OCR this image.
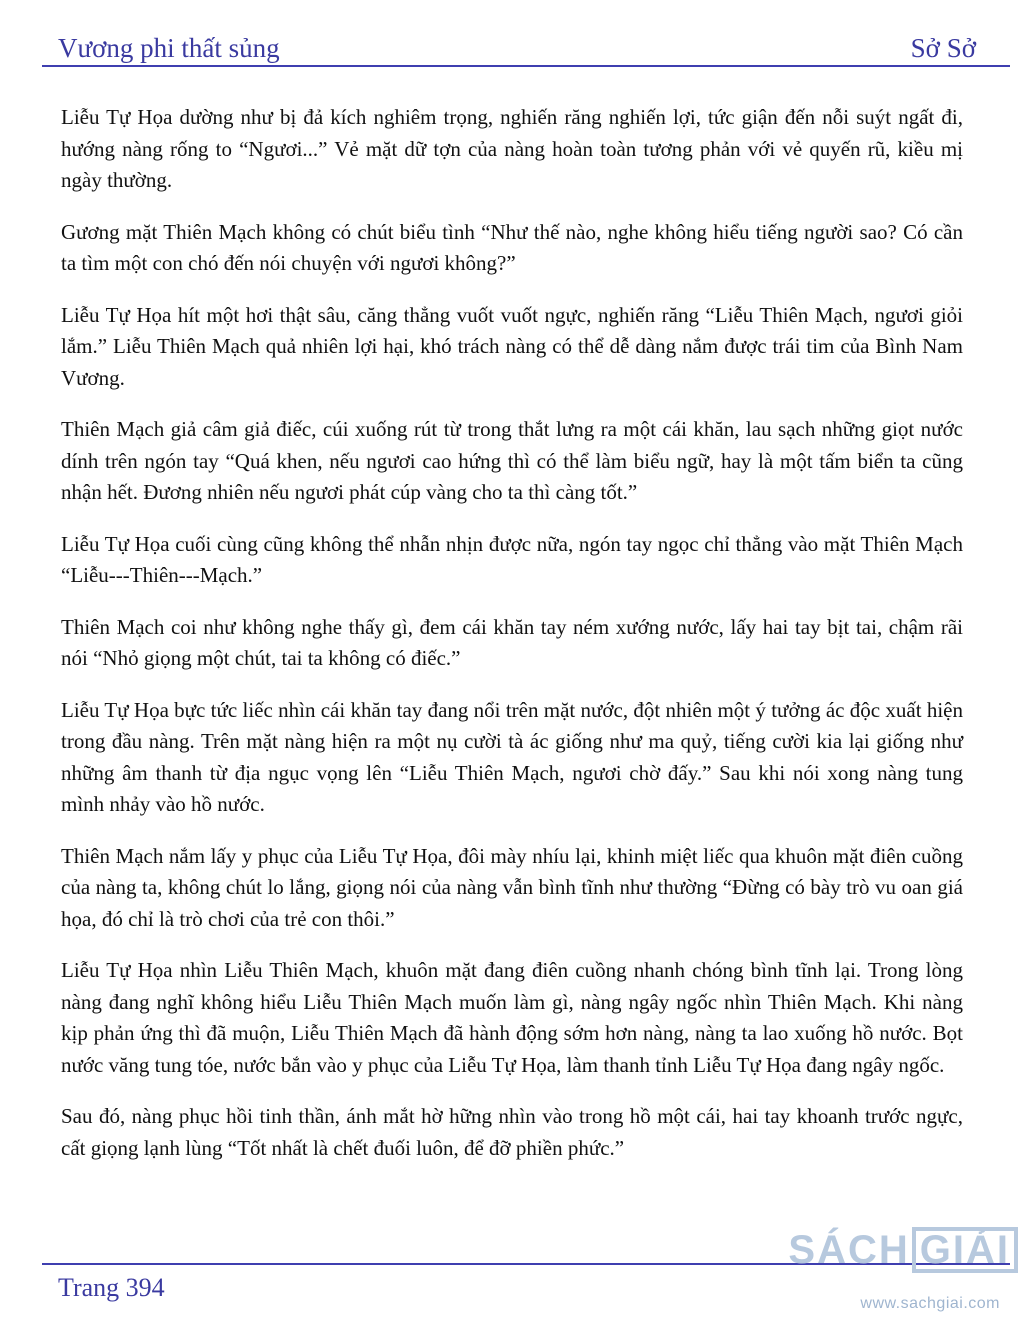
Vương phi thất sủng	Sở Sở

Liễu Tự Họa dường như bị đả kích nghiêm trọng, nghiến răng nghiến lợi, tức giận đến nỗi suýt ngất đi, hướng nàng rống to “Ngươi...” Vẻ mặt dữ tợn của nàng hoàn toàn tương phản với vẻ quyến rũ, kiều mị ngày thường.

Gương mặt Thiên Mạch không có chút biểu tình “Như thế nào, nghe không hiểu tiếng người sao? Có cần ta tìm một con chó đến nói chuyện với ngươi không?”

Liễu Tự Họa hít một hơi thật sâu, căng thẳng vuốt vuốt ngực, nghiến răng “Liễu Thiên Mạch, ngươi giỏi lắm.” Liễu Thiên Mạch quả nhiên lợi hại, khó trách nàng có thể dễ dàng nắm được trái tim của Bình Nam Vương.

Thiên Mạch giả câm giả điếc, cúi xuống rút từ trong thắt lưng ra một cái khăn, lau sạch những giọt nước dính trên ngón tay “Quá khen, nếu ngươi cao hứng thì có thể làm biểu ngữ, hay là một tấm biển ta cũng nhận hết. Đương nhiên nếu ngươi phát cúp vàng cho ta thì càng tốt.”

Liễu Tự Họa cuối cùng cũng không thể nhẫn nhịn được nữa, ngón tay ngọc chỉ thẳng vào mặt Thiên Mạch “Liễu---Thiên---Mạch.”

Thiên Mạch coi như không nghe thấy gì, đem cái khăn tay ném xướng nước, lấy hai tay bịt tai, chậm rãi nói “Nhỏ giọng một chút, tai ta không có điếc.”

Liễu Tự Họa bực tức liếc nhìn cái khăn tay đang nổi trên mặt nước, đột nhiên một ý tưởng ác độc xuất hiện trong đầu nàng. Trên mặt nàng hiện ra một nụ cười tà ác giống như ma quỷ, tiếng cười kia lại giống như những âm thanh từ địa ngục vọng lên “Liễu Thiên Mạch, ngươi chờ đấy.” Sau khi nói xong nàng tung mình nhảy vào hồ nước.

Thiên Mạch nắm lấy y phục của Liễu Tự Họa, đôi mày nhíu lại, khinh miệt liếc qua khuôn mặt điên cuồng của nàng ta, không chút lo lắng, giọng nói của nàng vẫn bình tĩnh như thường “Đừng có bày trò vu oan giá họa, đó chỉ là trò chơi của trẻ con thôi.”

Liễu Tự Họa nhìn Liễu Thiên Mạch, khuôn mặt đang điên cuồng nhanh chóng bình tĩnh lại. Trong lòng nàng đang nghĩ không hiểu Liễu Thiên Mạch muốn làm gì, nàng ngây ngốc nhìn Thiên Mạch. Khi nàng kịp phản ứng thì đã muộn, Liễu Thiên Mạch đã hành động sớm hơn nàng, nàng ta lao xuống hồ nước. Bọt nước văng tung tóe, nước bắn vào y phục của Liễu Tự Họa, làm thanh tỉnh Liễu Tự Họa đang ngây ngốc.

Sau đó, nàng phục hồi tinh thần, ánh mắt hờ hững nhìn vào trong hồ một cái, hai tay khoanh trước ngực, cất giọng lạnh lùng “Tốt nhất là chết đuối luôn, để đỡ phiền phức.”

Trang 394
SÁCH GIẢI
www.sachgiai.com
